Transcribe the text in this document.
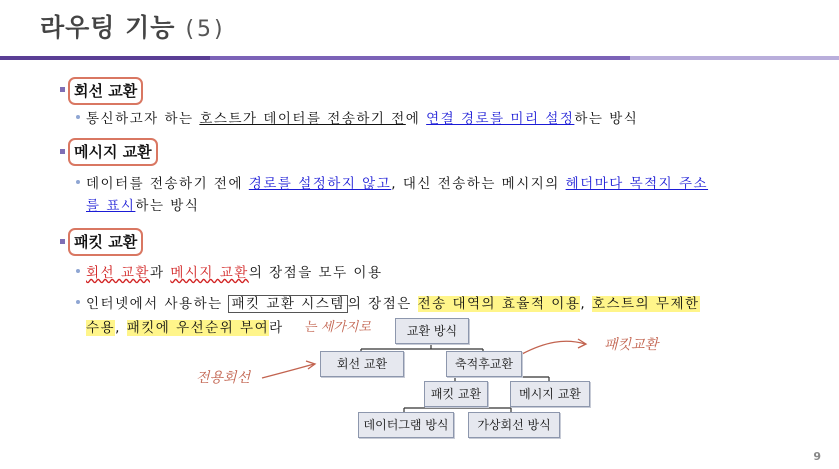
라우팅 기능 (5)
회선 교환
통신하고자 하는 호스트가 데이터를 전송하기 전에 연결 경로를 미리 설정하는 방식
메시지 교환
데이터를 전송하기 전에 경로를 설정하지 않고, 대신 전송하는 메시지의 헤더마다 목적지 주소
를 표시하는 방식
패킷 교환
회선 교환과 메시지 교환의 장점을 모두 이용
인터넷에서 사용하는 패킷 교환 시스템 의 장점은 전송 대역의 효율적 이용, 호스트의 무제한
수용, 패킷에 우선순위 부여라 는 세가지로
패킷교환
전용회선
교환 방식
회선 교환	축적후교환
패킷 교환	메시지 교환
데이터그램 방식	가상회선 방식
9
